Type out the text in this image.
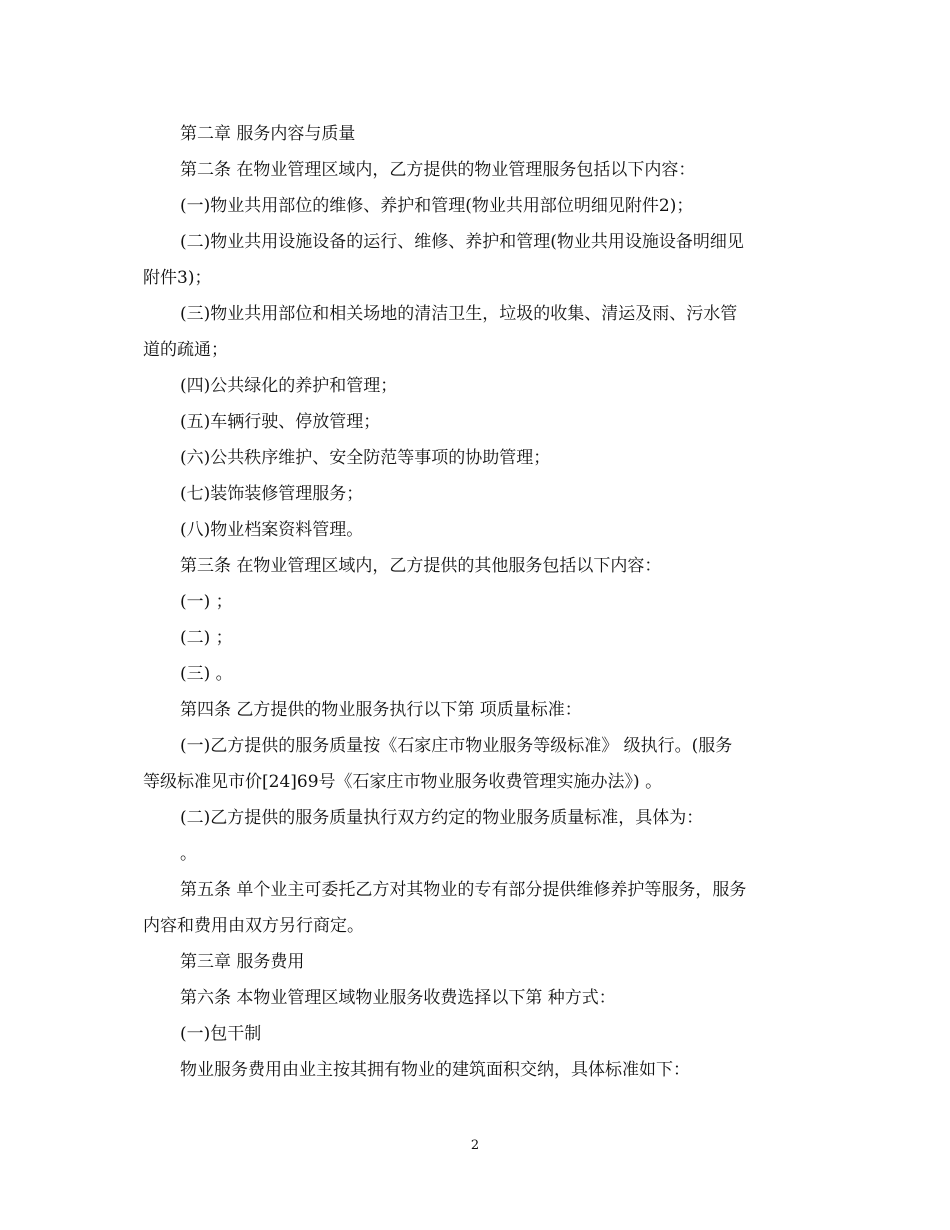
第二章 服务内容与质量
第二条 在物业管理区域内，乙方提供的物业管理服务包括以下内容：
(一)物业共用部位的维修、养护和管理(物业共用部位明细见附件2)；
(二)物业共用设施设备的运行、维修、养护和管理(物业共用设施设备明细见
附件3)；
(三)物业共用部位和相关场地的清洁卫生，垃圾的收集、清运及雨、污水管
道的疏通；
(四)公共绿化的养护和管理；
(五)车辆行驶、停放管理；
(六)公共秩序维护、安全防范等事项的协助管理；
(七)装饰装修管理服务；
(八)物业档案资料管理。
第三条 在物业管理区域内，乙方提供的其他服务包括以下内容：
(一) ；
(二) ；
(三) 。
第四条 乙方提供的物业服务执行以下第 项质量标准：
(一)乙方提供的服务质量按《石家庄市物业服务等级标准》 级执行。(服务
等级标准见市价[24]69号《石家庄市物业服务收费管理实施办法》) 。
(二)乙方提供的服务质量执行双方约定的物业服务质量标准，具体为：
。
第五条 单个业主可委托乙方对其物业的专有部分提供维修养护等服务，服务
内容和费用由双方另行商定。
第三章 服务费用
第六条 本物业管理区域物业服务收费选择以下第 种方式：
(一)包干制
物业服务费用由业主按其拥有物业的建筑面积交纳，具体标准如下：
2
